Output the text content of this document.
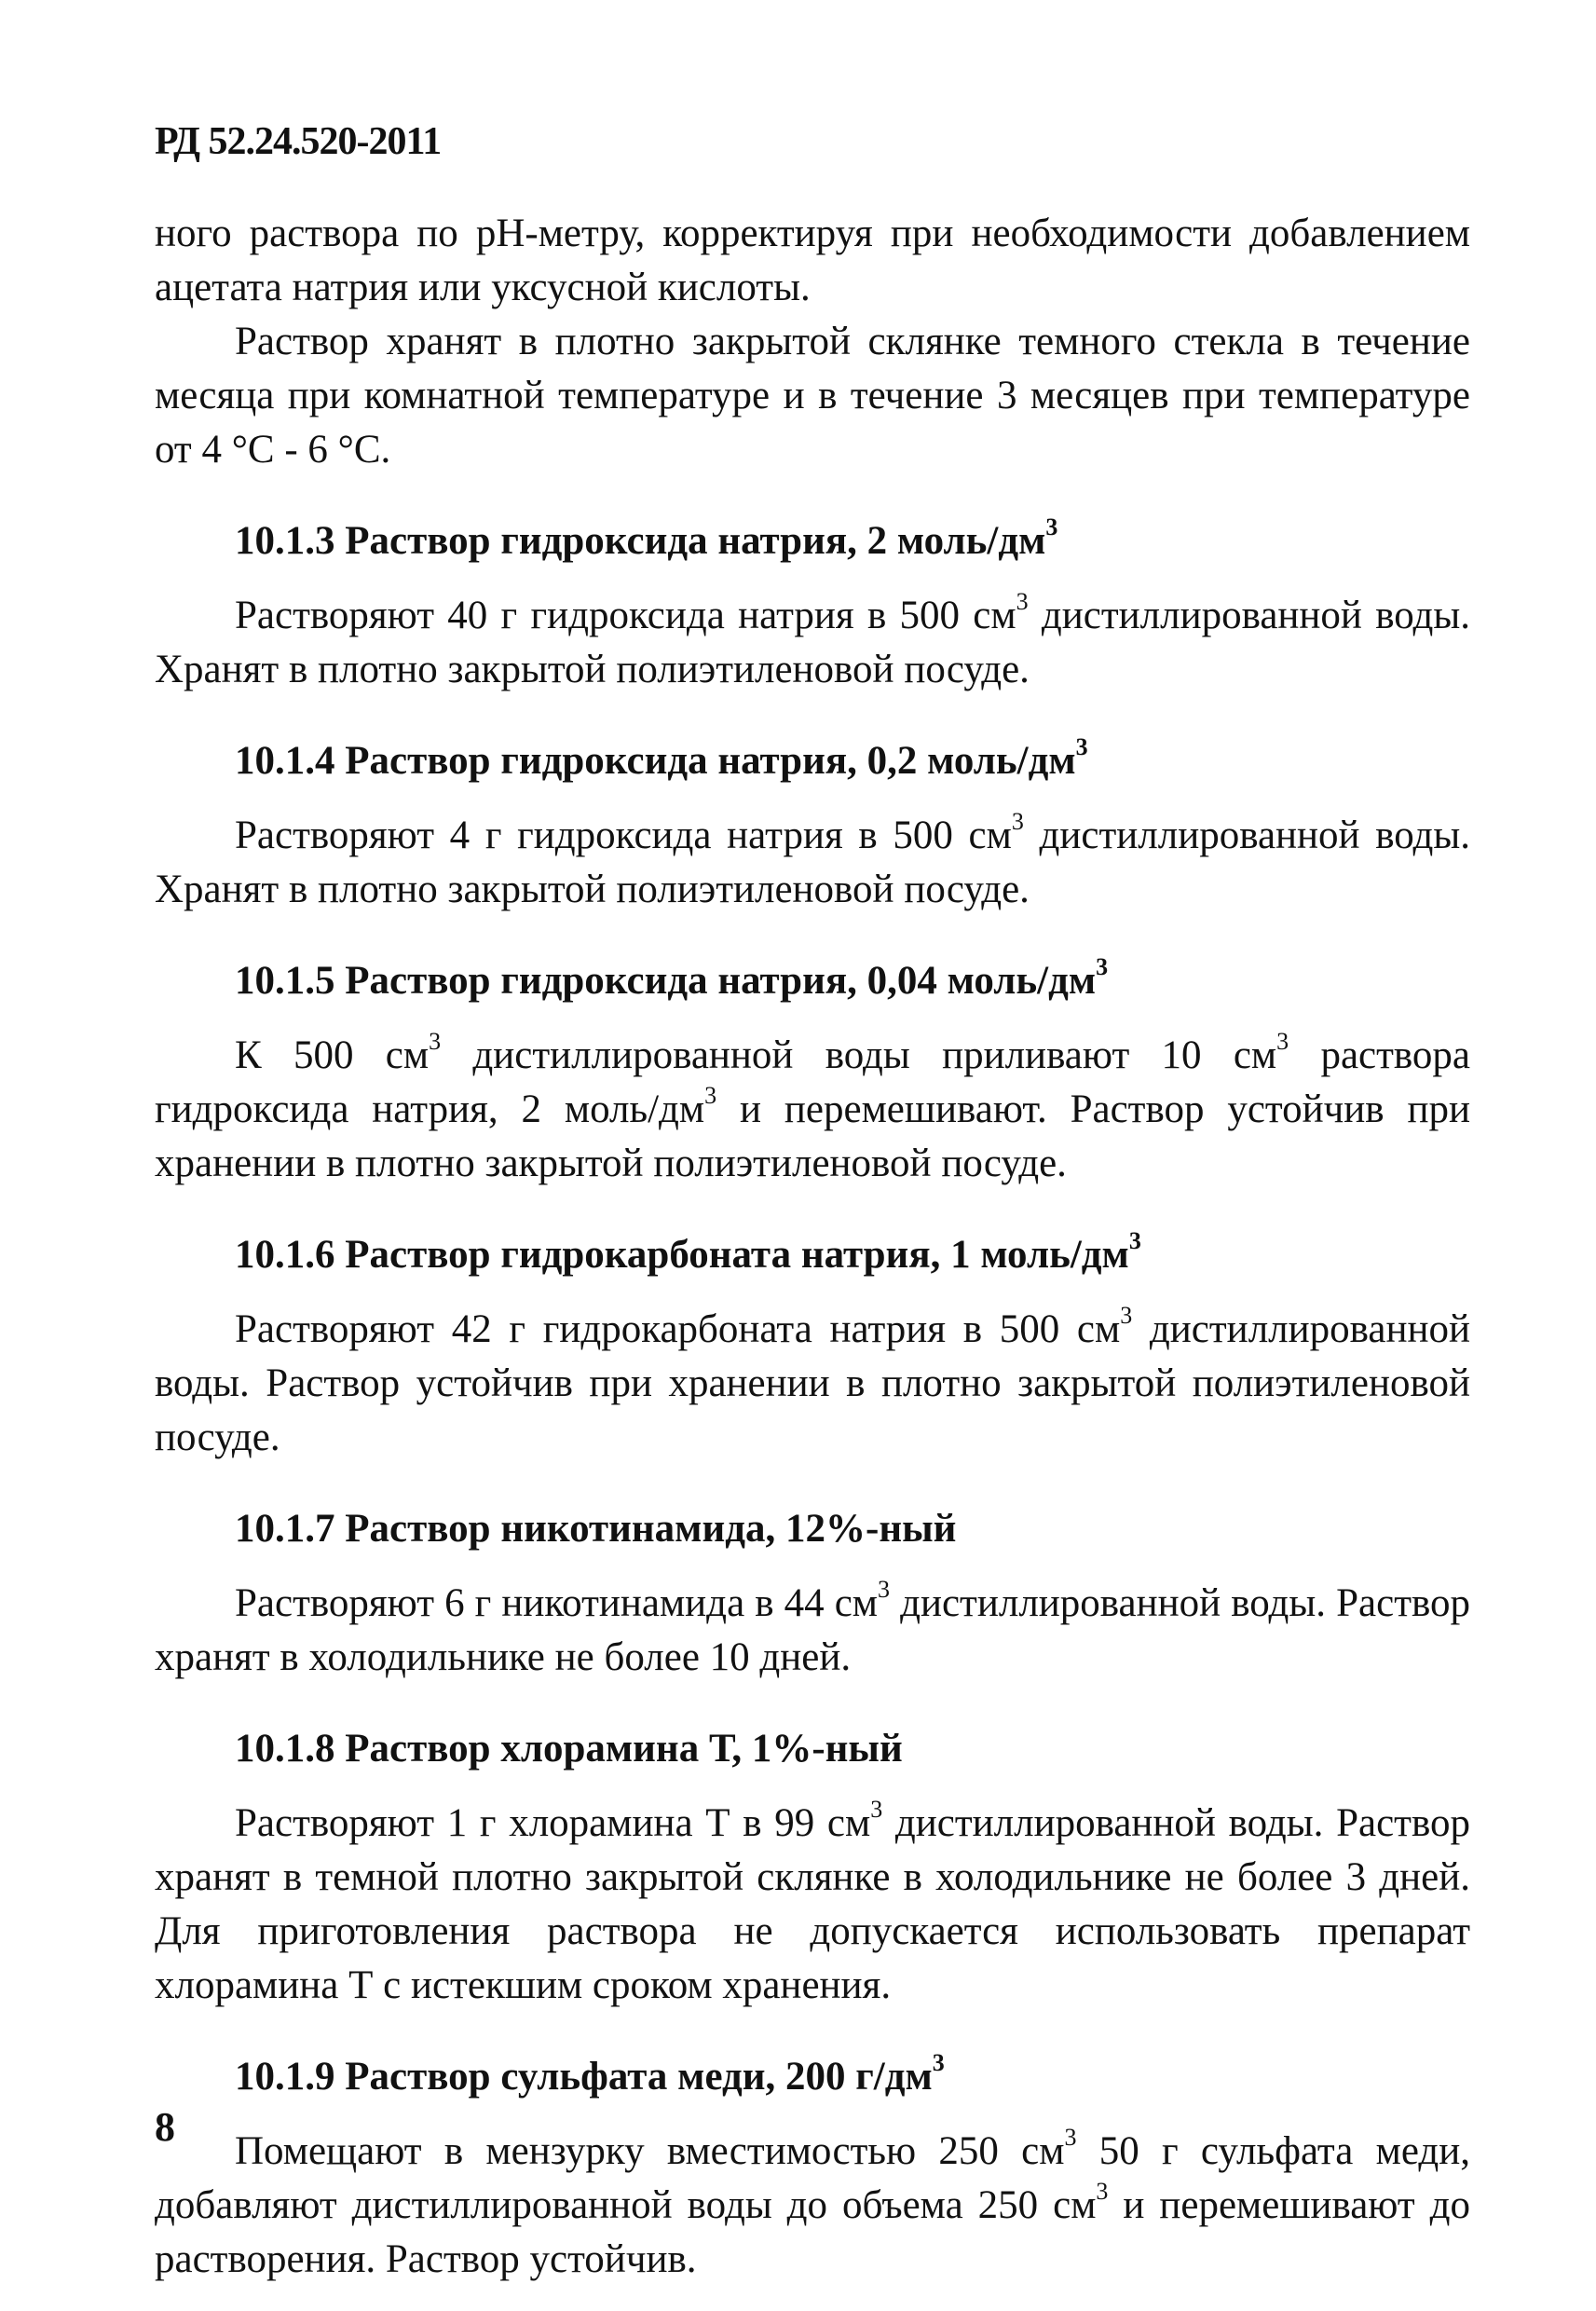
РД 52.24.520-2011

ного раствора по рН-метру, корректируя при необходимости добавлением ацетата натрия или уксусной кислоты.

Раствор хранят в плотно закрытой склянке темного стекла в течение месяца при комнатной температуре и в течение 3 месяцев при температуре от 4 °С - 6 °С.

10.1.3 Раствор гидроксида натрия, 2 моль/$дм^3$

Растворяют 40 г гидроксида натрия в 500 $см^3$ дистиллированной воды. Хранят в плотно закрытой полиэтиленовой посуде.

10.1.4 Раствор гидроксида натрия, 0,2 моль/$дм^3$

Растворяют 4 г гидроксида натрия в 500 $см^3$ дистиллированной воды. Хранят в плотно закрытой полиэтиленовой посуде.

10.1.5 Раствор гидроксида натрия, 0,04 моль/$дм^3$

К 500 $см^3$ дистиллированной воды приливают 10 $см^3$ раствора гидроксида натрия, 2 моль/$дм^3$ и перемешивают. Раствор устойчив при хранении в плотно закрытой полиэтиленовой посуде.

10.1.6 Раствор гидрокарбоната натрия, 1 моль/$дм^3$

Растворяют 42 г гидрокарбоната натрия в 500 $см^3$ дистиллированной воды. Раствор устойчив при хранении в плотно закрытой полиэтиленовой посуде.

10.1.7 Раствор никотинамида, 12%-ный

Растворяют 6 г никотинамида в 44 $см^3$ дистиллированной воды. Раствор хранят в холодильнике не более 10 дней.

10.1.8 Раствор хлорамина Т, 1%-ный

Растворяют 1 г хлорамина Т в 99 $см^3$ дистиллированной воды. Раствор хранят в темной плотно закрытой склянке в холодильнике не более 3 дней. Для приготовления раствора не допускается использовать препарат хлорамина Т с истекшим сроком хранения.

10.1.9 Раствор сульфата меди, 200 $г/дм^3$

Помещают в мензурку вместимостью 250 $см^3$ 50 г сульфата меди, добавляют дистиллированной воды до объема 250 $см^3$ и перемешивают до растворения. Раствор устойчив.

8
